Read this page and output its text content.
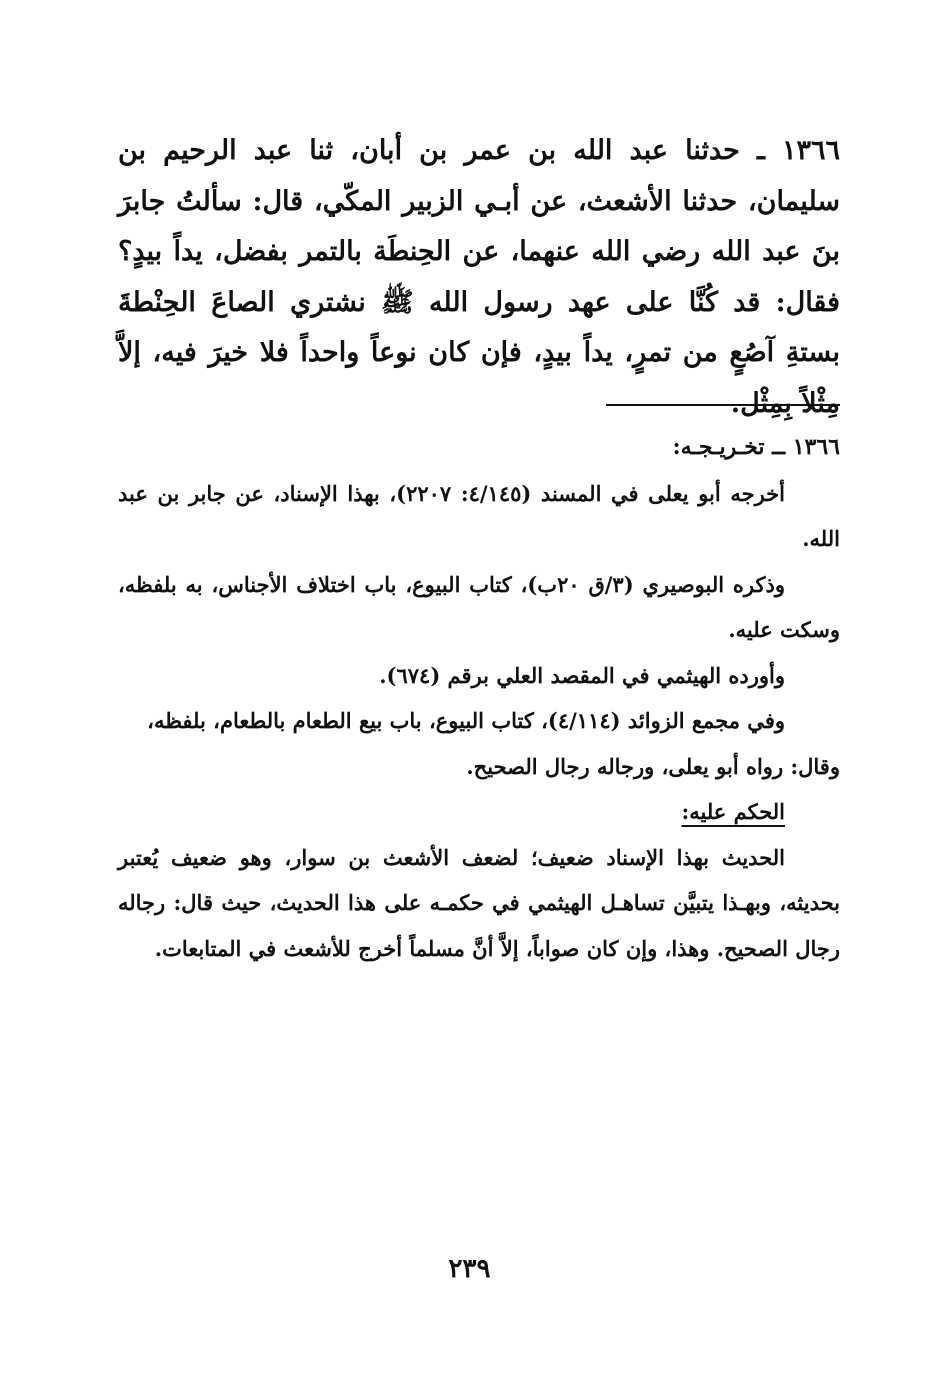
١٣٦٦ ـ حدثنا عبد الله بن عمر بن أبان، ثنا عبد الرحيم بن سليمان، حدثنا الأشعث، عن أبـي الزبير المكّي، قال: سألتُ جابرَ بنَ عبد الله رضي الله عنهما، عن الحِنطَة بالتمر بفضل، يداً بيدٍ؟ فقال: قد كُنَّا على عهد رسول الله ﷺ نشتري الصاعَ الحِنْطةَ بستةِ آصُعٍ من تمرٍ، يداً بيدٍ، فإن كان نوعاً واحداً فلا خيرَ فيه، إلاَّ مِثْلاً بِمِثْل.

١٣٦٦ ــ تخـريـجـه:

أخرجه أبو يعلى في المسند (٤/١٤٥: ٢٢٠٧)، بهذا الإسناد، عن جابر بن عبد الله.

وذكره البوصيري (٣/ق ٢٠ب)، كتاب البيوع، باب اختلاف الأجناس، به بلفظه، وسكت عليه.

وأورده الهيثمي في المقصد العلي برقم (٦٧٤).

وفي مجمع الزوائد (٤/١١٤)، كتاب البيوع، باب بيع الطعام بالطعام، بلفظه،

وقال: رواه أبو يعلى، ورجاله رجال الصحيح.

الحكم عليه:

الحديث بهذا الإسناد ضعيف؛ لضعف الأشعث بن سوار، وهو ضعيف يُعتبر بحديثه، وبهـذا يتبيَّن تساهـل الهيثمي في حكمـه على هذا الحديث، حيث قال: رجاله رجال الصحيح. وهذا، وإن كان صواباً، إلاَّ أنَّ مسلماً أخرج للأشعث في المتابعات.

٢٣٩
